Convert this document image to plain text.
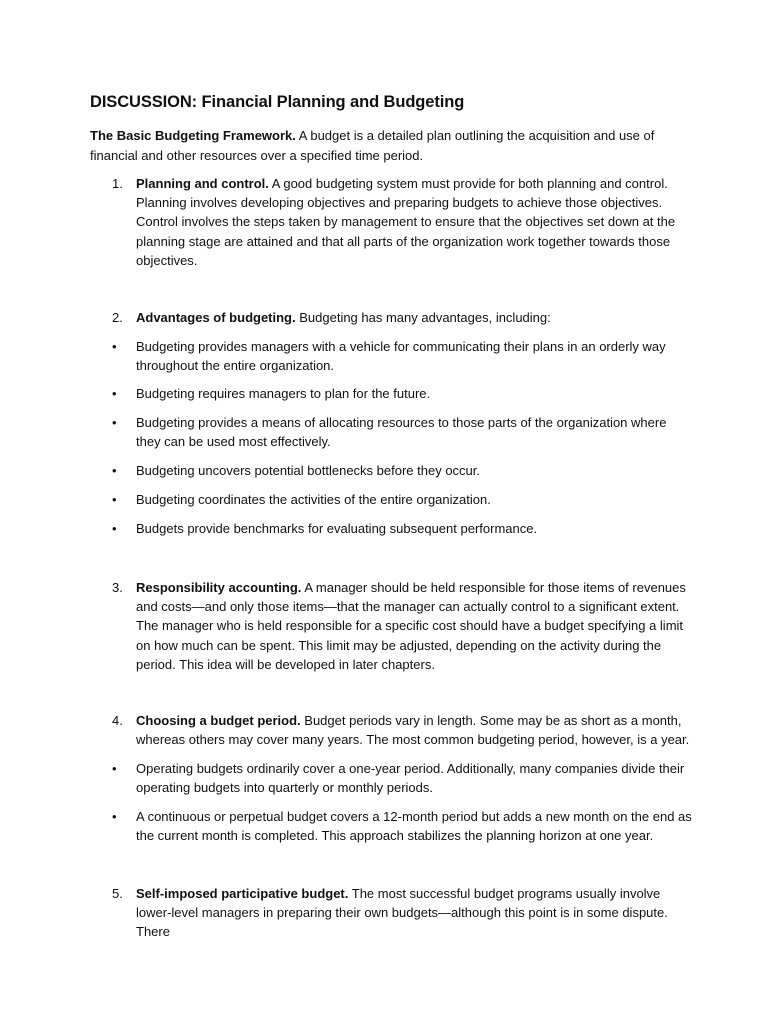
DISCUSSION: Financial Planning and Budgeting

The Basic Budgeting Framework. A budget is a detailed plan outlining the acquisition and use of financial and other resources over a specified time period.

1. Planning and control. A good budgeting system must provide for both planning and control. Planning involves developing objectives and preparing budgets to achieve those objectives. Control involves the steps taken by management to ensure that the objectives set down at the planning stage are attained and that all parts of the organization work together towards those objectives.
2. Advantages of budgeting. Budgeting has many advantages, including:
• Budgeting provides managers with a vehicle for communicating their plans in an orderly way throughout the entire organization.
• Budgeting requires managers to plan for the future.
• Budgeting provides a means of allocating resources to those parts of the organization where they can be used most effectively.
• Budgeting uncovers potential bottlenecks before they occur.
• Budgeting coordinates the activities of the entire organization.
• Budgets provide benchmarks for evaluating subsequent performance.
3. Responsibility accounting. A manager should be held responsible for those items of revenues and costs—and only those items—that the manager can actually control to a significant extent. The manager who is held responsible for a specific cost should have a budget specifying a limit on how much can be spent. This limit may be adjusted, depending on the activity during the period. This idea will be developed in later chapters.
4. Choosing a budget period. Budget periods vary in length. Some may be as short as a month, whereas others may cover many years. The most common budgeting period, however, is a year.
• Operating budgets ordinarily cover a one-year period. Additionally, many companies divide their operating budgets into quarterly or monthly periods.
• A continuous or perpetual budget covers a 12-month period but adds a new month on the end as the current month is completed. This approach stabilizes the planning horizon at one year.
5. Self-imposed participative budget. The most successful budget programs usually involve lower-level managers in preparing their own budgets—although this point is in some dispute. There
